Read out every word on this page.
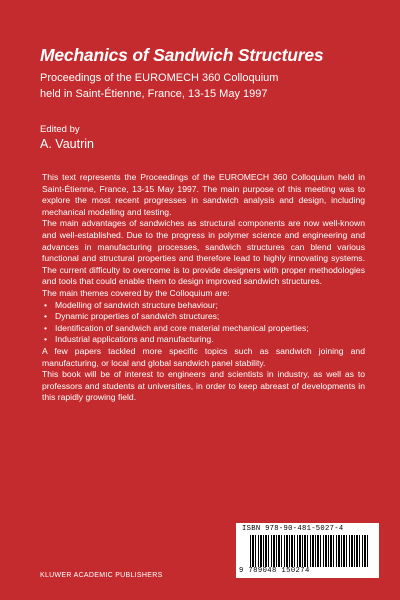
Mechanics of Sandwich Structures
Proceedings of the EUROMECH 360 Colloquium
held in Saint-Étienne, France, 13-15 May 1997
Edited by
A. Vautrin

This text represents the Proceedings of the EUROMECH 360 Colloquium held in Saint-Étienne, France, 13-15 May 1997. The main purpose of this meeting was to explore the most recent progresses in sandwich analysis and design, including mechanical modelling and testing.

The main advantages of sandwiches as structural components are now well-known and well-established. Due to the progress in polymer science and engineering and advances in manufacturing processes, sandwich structures can blend various functional and structural properties and therefore lead to highly innovating systems. The current difficulty to overcome is to provide designers with proper methodologies and tools that could enable them to design improved sandwich structures.

The main themes covered by the Colloquium are:

• Modelling of sandwich structure behaviour;
• Dynamic properties of sandwich structures;
• Identification of sandwich and core material mechanical properties;
• Industrial applications and manufacturing.

A few papers tackled more specific topics such as sandwich joining and manufacturing, or local and global sandwich panel stability.

This book will be of interest to engineers and scientists in industry, as well as to professors and students at universities, in order to keep abreast of developments in this rapidly growing field.

ISBN 978-90-481-5027-4
9 789048 150274
KLUWER ACADEMIC PUBLISHERS
